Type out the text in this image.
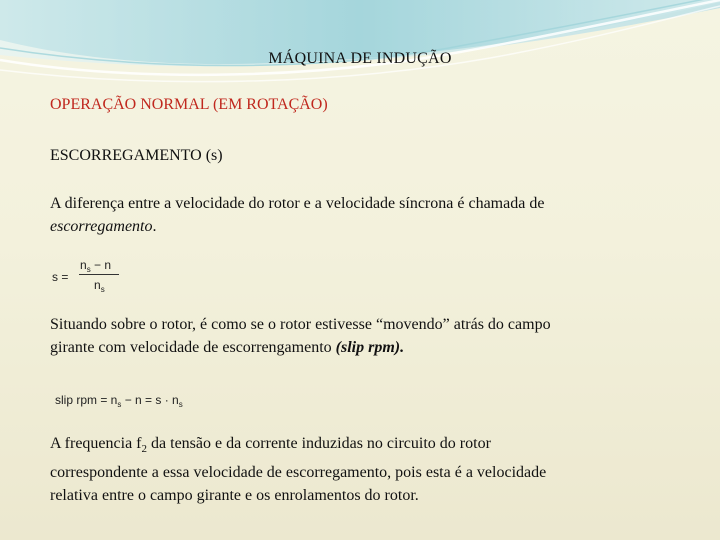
MÁQUINA DE INDUÇÃO
OPERAÇÃO NORMAL (EM ROTAÇÃO)
ESCORREGAMENTO (s)
A diferença entre a velocidade do rotor e a velocidade síncrona é chamada de
escorregamento.
s =
$n_s - n$
$n_s$
Situando sobre o rotor, é como se o rotor estivesse “movendo” atrás do campo
girante com velocidade de escorrengamento (slip rpm).
slip rpm = $n_s - n = s \cdot n_s$
A frequencia $f_2$ da tensão e da corrente induzidas no circuito do rotor
correspondente a essa velocidade de escorregamento, pois esta é a velocidade
relativa entre o campo girante e os enrolamentos do rotor.
